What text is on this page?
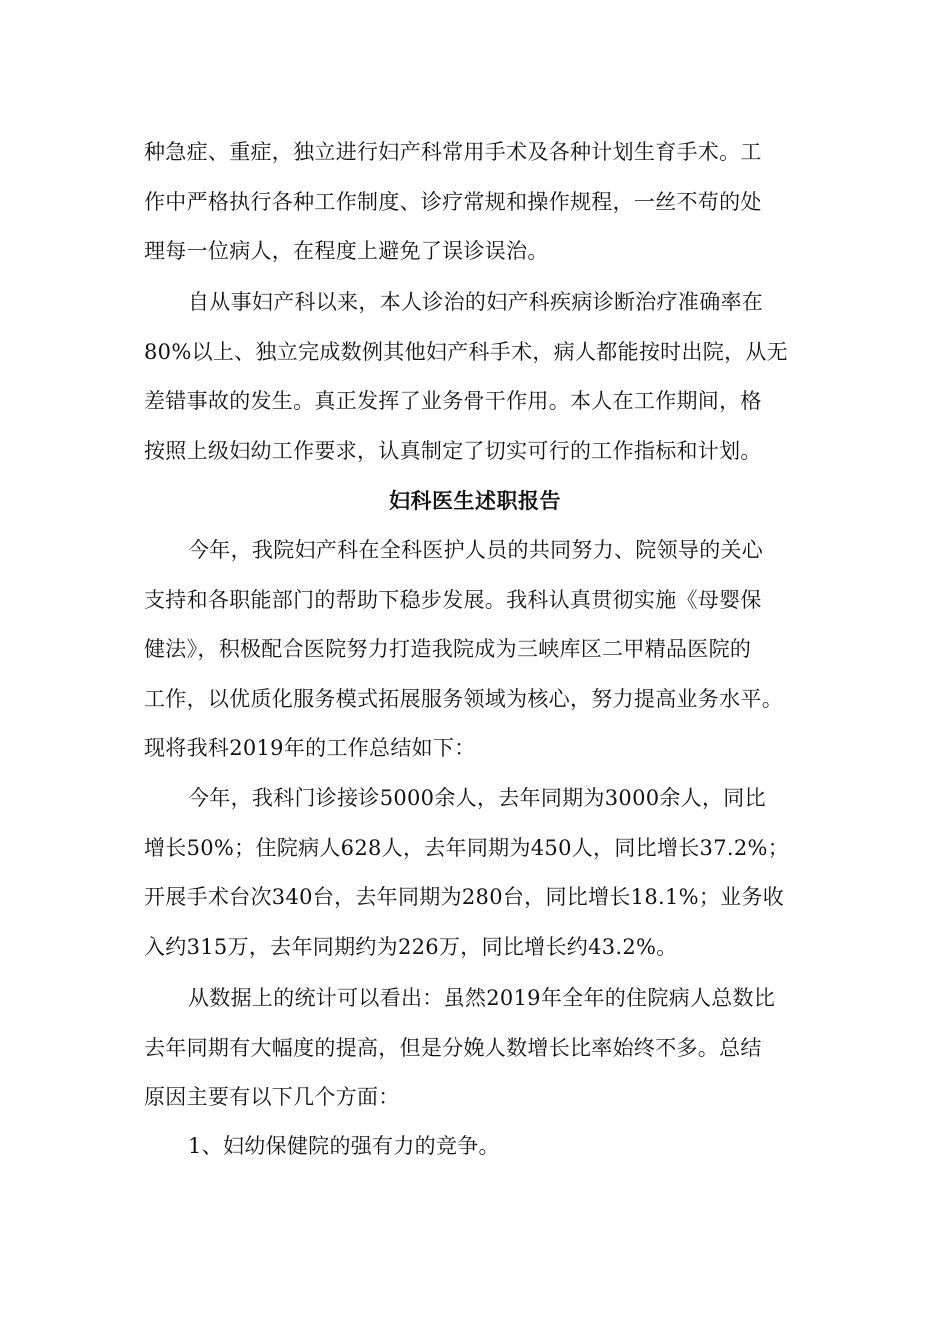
种急症、重症，独立进行妇产科常用手术及各种计划生育手术。工
作中严格执行各种工作制度、诊疗常规和操作规程，一丝不苟的处
理每一位病人，在程度上避免了误诊误治。
自从事妇产科以来，本人诊治的妇产科疾病诊断治疗准确率在
80%以上、独立完成数例其他妇产科手术，病人都能按时出院，从无
差错事故的发生。真正发挥了业务骨干作用。本人在工作期间，格
按照上级妇幼工作要求，认真制定了切实可行的工作指标和计划。
妇科医生述职报告
今年，我院妇产科在全科医护人员的共同努力、院领导的关心
支持和各职能部门的帮助下稳步发展。我科认真贯彻实施《母婴保
健法》，积极配合医院努力打造我院成为三峡库区二甲精品医院的
工作，以优质化服务模式拓展服务领域为核心，努力提高业务水平。
现将我科2019年的工作总结如下：
今年，我科门诊接诊5000余人，去年同期为3000余人，同比
增长50%；住院病人628人，去年同期为450人，同比增长37.2%；
开展手术台次340台，去年同期为280台，同比增长18.1%；业务收
入约315万，去年同期约为226万，同比增长约43.2%。
从数据上的统计可以看出：虽然2019年全年的住院病人总数比
去年同期有大幅度的提高，但是分娩人数增长比率始终不多。总结
原因主要有以下几个方面：
1、妇幼保健院的强有力的竞争。
